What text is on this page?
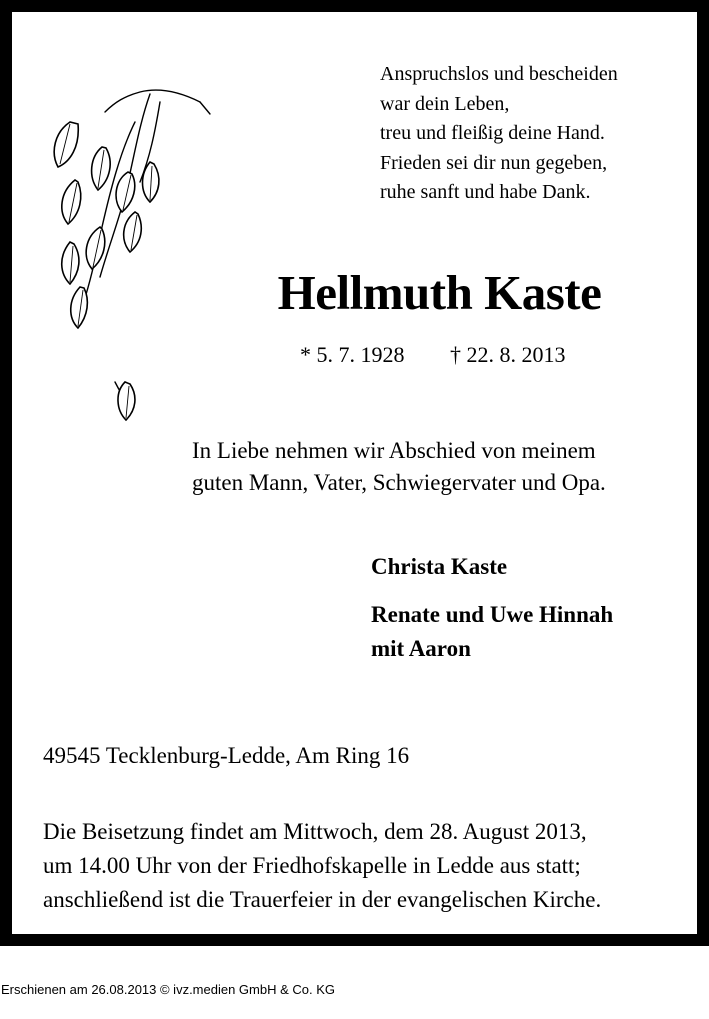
Anspruchslos und bescheiden
war dein Leben,
treu und fleißig deine Hand.
Frieden sei dir nun gegeben,
ruhe sanft und habe Dank.
Hellmuth Kaste
* 5. 7. 1928 † 22. 8. 2013
In Liebe nehmen wir Abschied von meinem
guten Mann, Vater, Schwiegervater und Opa.
Christa Kaste
Renate und Uwe Hinnah
mit Aaron
49545 Tecklenburg-Ledde, Am Ring 16
Die Beisetzung findet am Mittwoch, dem 28. August 2013,
um 14.00 Uhr von der Friedhofskapelle in Ledde aus statt;
anschließend ist die Trauerfeier in der evangelischen Kirche.
Erschienen am 26.08.2013 © ivz.medien GmbH & Co. KG
